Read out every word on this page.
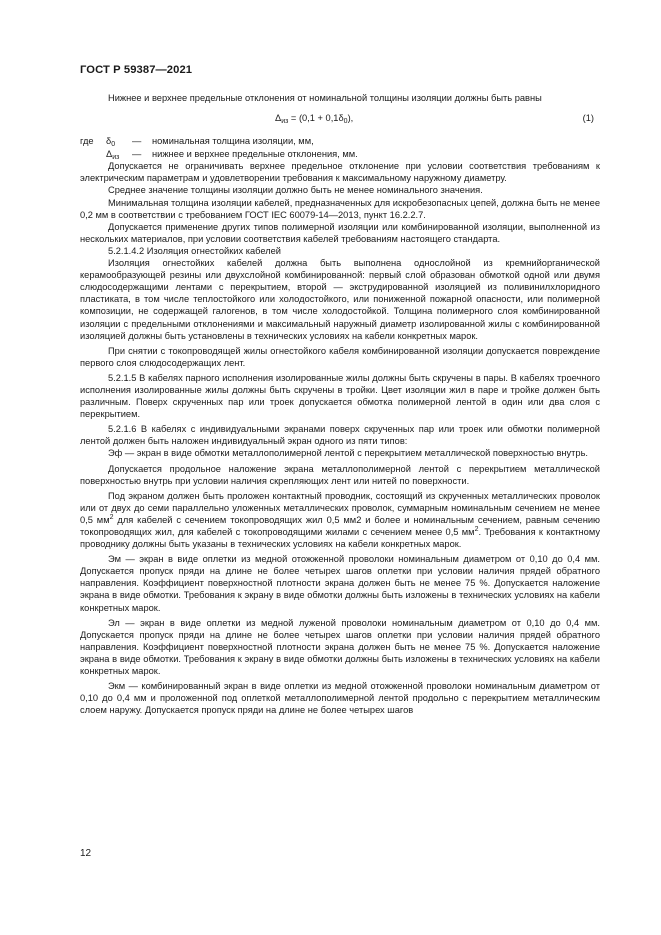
ГОСТ Р 59387—2021

Нижнее и верхнее предельные отклонения от номинальной толщины изоляции должны быть равны

$\Delta_{из} = (0,1 + 0,1\delta_0)$,	(1)
где	$\delta_0$	—	номинальная толщина изоляции, мм,
$\Delta_{из}$	—	нижнее и верхнее предельные отклонения, мм.

Допускается не ограничивать верхнее предельное отклонение при условии соответствия требованиям к электрическим параметрам и удовлетворении требования к максимальному наружному диаметру.

Среднее значение толщины изоляции должно быть не менее номинального значения.

Минимальная толщина изоляции кабелей, предназначенных для искробезопасных цепей, должна быть не менее 0,2 мм в соответствии с требованием ГОСТ IEC 60079-14—2013, пункт 16.2.2.7.

Допускается применение других типов полимерной изоляции или комбинированной изоляции, выполненной из нескольких материалов, при условии соответствия кабелей требованиям настоящего стандарта.

5.2.1.4.2 Изоляция огнестойких кабелей

Изоляция огнестойких кабелей должна быть выполнена однослойной из кремнийорганической керамообразующей резины или двухслойной комбинированной: первый слой образован обмоткой одной или двумя слюдосодержащими лентами с перекрытием, второй — экструдированной изоляцией из поливинилхлоридного пластиката, в том числе теплостойкого или холодостойкого, или пониженной пожарной опасности, или полимерной композиции, не содержащей галогенов, в том числе холодостойкой. Толщина полимерного слоя комбинированной изоляции с предельными отклонениями и максимальный наружный диаметр изолированной жилы с комбинированной изоляцией должны быть установлены в технических условиях на кабели конкретных марок.

При снятии с токопроводящей жилы огнестойкого кабеля комбинированной изоляции допускается повреждение первого слоя слюдосодержащих лент.

5.2.1.5 В кабелях парного исполнения изолированные жилы должны быть скручены в пары. В кабелях троечного исполнения изолированные жилы должны быть скручены в тройки. Цвет изоляции жил в паре и тройке должен быть различным. Поверх скрученных пар или троек допускается обмотка полимерной лентой в один или два слоя с перекрытием.

5.2.1.6 В кабелях с индивидуальными экранами поверх скрученных пар или троек или обмотки полимерной лентой должен быть наложен индивидуальный экран одного из пяти типов:

Эф — экран в виде обмотки металлополимерной лентой с перекрытием металлической поверхностью внутрь.

Допускается продольное наложение экрана металлополимерной лентой с перекрытием металлической поверхностью внутрь при условии наличия скрепляющих лент или нитей по поверхности.

Под экраном должен быть проложен контактный проводник, состоящий из скрученных металлических проволок или от двух до семи параллельно уложенных металлических проволок, суммарным номинальным сечением не менее 0,5 $мм^2$ для кабелей с сечением токопроводящих жил 0,5 мм2 и более и номинальным сечением, равным сечению токопроводящих жил, для кабелей с токопроводящими жилами с сечением менее 0,5 $мм^2$. Требования к контактному проводнику должны быть указаны в технических условиях на кабели конкретных марок.

Эм — экран в виде оплетки из медной отожженной проволоки номинальным диаметром от 0,10 до 0,4 мм. Допускается пропуск пряди на длине не более четырех шагов оплетки при условии наличия прядей обратного направления. Коэффициент поверхностной плотности экрана должен быть не менее 75 %. Допускается наложение экрана в виде обмотки. Требования к экрану в виде обмотки должны быть изложены в технических условиях на кабели конкретных марок.

Эл — экран в виде оплетки из медной луженой проволоки номинальным диаметром от 0,10 до 0,4 мм. Допускается пропуск пряди на длине не более четырех шагов оплетки при условии наличия прядей обратного направления. Коэффициент поверхностной плотности экрана должен быть не менее 75 %. Допускается наложение экрана в виде обмотки. Требования к экрану в виде обмотки должны быть изложены в технических условиях на кабели конкретных марок.

Экм — комбинированный экран в виде оплетки из медной отожженной проволоки номинальным диаметром от 0,10 до 0,4 мм и проложенной под оплеткой металлополимерной лентой продольно с перекрытием металлическим слоем наружу. Допускается пропуск пряди на длине не более четырех шагов

12
